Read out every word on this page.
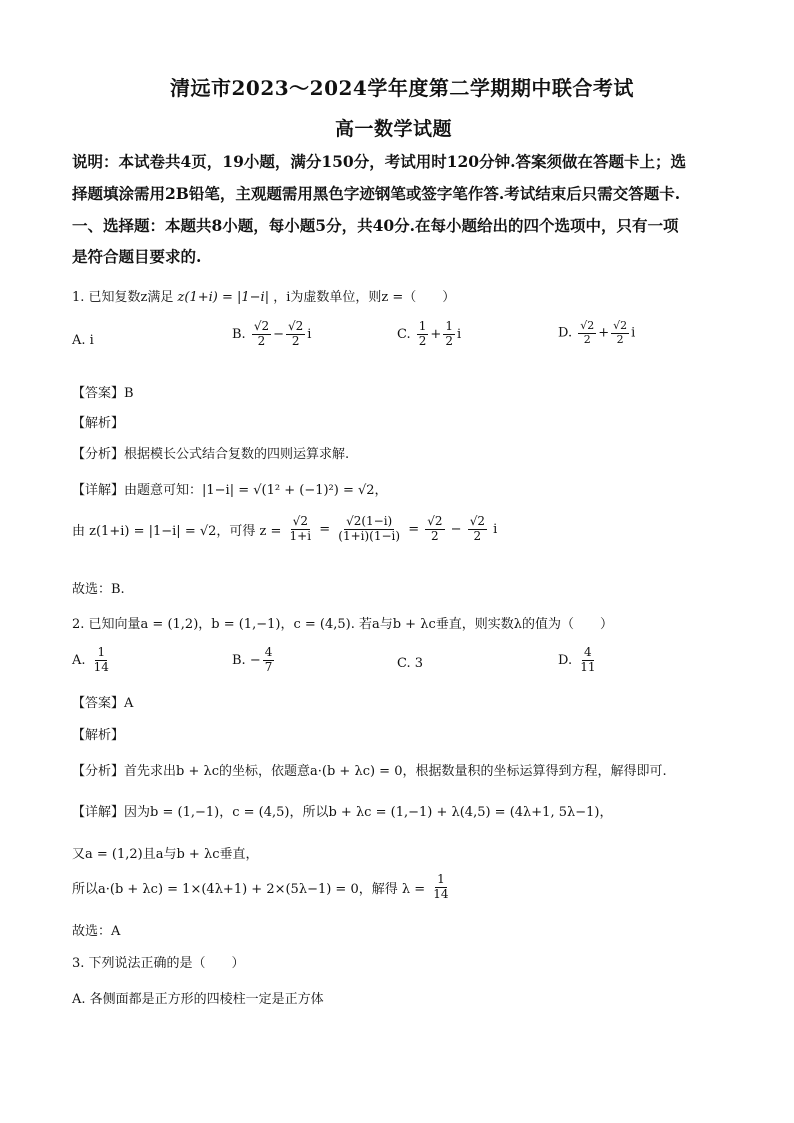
清远市2023～2024学年度第二学期期中联合考试
高一数学试题
说明：本试卷共4页，19小题，满分150分，考试用时120分钟.答案须做在答题卡上；选
择题填涂需用2B铅笔，主观题需用黑色字迹钢笔或签字笔作答.考试结束后只需交答题卡.
一、选择题：本题共8小题，每小题5分，共40分.在每小题给出的四个选项中，只有一项
是符合题目要求的.
1. 已知复数z满足 z(1+i) = |1−i| ，i为虚数单位，则z =（　　）
A. i	B. $\frac{√2}{2} - \frac{√2}{2}$ i	C. $\frac{1}{2} + \frac{1}{2}$ i	D. $\frac{√2}{2} + \frac{√2}{2}$ i
【答案】B
【解析】
【分析】根据模长公式结合复数的四则运算求解.
【详解】由题意可知：|1−i| = √(1² + (−1)²) = √2，
由 z(1+i) = |1−i| = √2，可得 $z = \frac{√2}{1+i} = \frac{√2(1-i)}{(1+i)(1-i)} = \frac{√2}{2} - \frac{√2}{2}$ i
故选：B.
2. 已知向量a = (1,2)，b = (1,−1)，c = (4,5). 若a与b + λc垂直，则实数λ的值为（　　）
A. $\frac{1}{14}$	B. − $\frac{4}{7}$	C. 3	D. $\frac{4}{11}$
【答案】A
【解析】
【分析】首先求出b + λc的坐标，依题意a·(b + λc) = 0，根据数量积的坐标运算得到方程，解得即可.
【详解】因为b = (1,−1)，c = (4,5)，所以b + λc = (1,−1) + λ(4,5) = (4λ+1, 5λ−1)，
又a = (1,2)且a与b + λc垂直，
所以a·(b + λc) = 1×(4λ+1) + 2×(5λ−1) = 0，解得 $\lambda = \frac{1}{14}$
故选：A
3. 下列说法正确的是（　　）
A. 各侧面都是正方形的四棱柱一定是正方体
